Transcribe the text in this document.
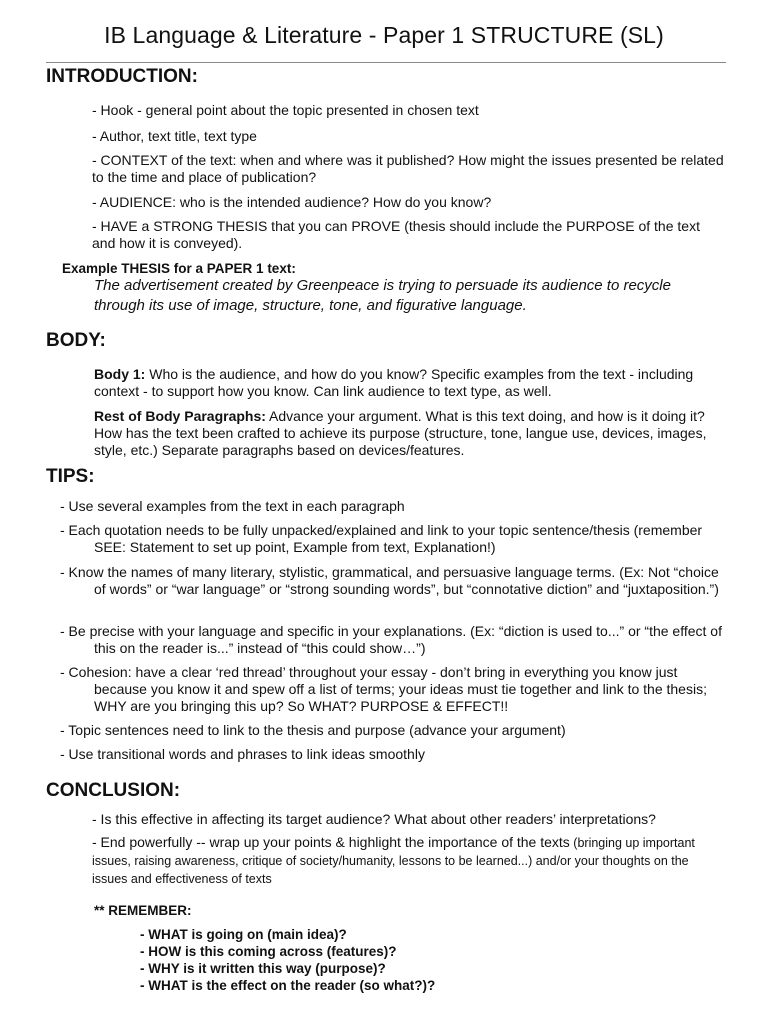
IB Language & Literature - Paper 1 STRUCTURE (SL)
INTRODUCTION:

- Hook - general point about the topic presented in chosen text

- Author, text title, text type

- CONTEXT of the text: when and where was it published? How might the issues presented be related to the time and place of publication?

- AUDIENCE: who is the intended audience? How do you know?

- HAVE a STRONG THESIS that you can PROVE (thesis should include the PURPOSE of the text and how it is conveyed).

Example THESIS for a PAPER 1 text:

The advertisement created by Greenpeace is trying to persuade its audience to recycle through its use of image, structure, tone, and figurative language.

BODY:

Body 1: Who is the audience, and how do you know? Specific examples from the text - including context - to support how you know. Can link audience to text type, as well.

Rest of Body Paragraphs: Advance your argument. What is this text doing, and how is it doing it? How has the text been crafted to achieve its purpose (structure, tone, langue use, devices, images, style, etc.) Separate paragraphs based on devices/features.

TIPS:

- Use several examples from the text in each paragraph

- Each quotation needs to be fully unpacked/explained and link to your topic sentence/thesis (remember SEE: Statement to set up point, Example from text, Explanation!)

- Know the names of many literary, stylistic, grammatical, and persuasive language terms. (Ex: Not “choice of words” or “war language” or “strong sounding words”, but “connotative diction” and “juxtaposition.”)

- Be precise with your language and specific in your explanations. (Ex: “diction is used to...” or “the effect of this on the reader is...” instead of “this could show…”)

- Cohesion: have a clear ‘red thread’ throughout your essay - don’t bring in everything you know just because you know it and spew off a list of terms; your ideas must tie together and link to the thesis; WHY are you bringing this up? So WHAT? PURPOSE & EFFECT!!

- Topic sentences need to link to the thesis and purpose (advance your argument)

- Use transitional words and phrases to link ideas smoothly

CONCLUSION:

- Is this effective in affecting its target audience? What about other readers’ interpretations?

- End powerfully -- wrap up your points & highlight the importance of the texts (bringing up important issues, raising awareness, critique of society/humanity, lessons to be learned...) and/or your thoughts on the issues and effectiveness of texts

** REMEMBER:

- WHAT is going on (main idea)?

- HOW is this coming across (features)?

- WHY is it written this way (purpose)?

- WHAT is the effect on the reader (so what?)?
